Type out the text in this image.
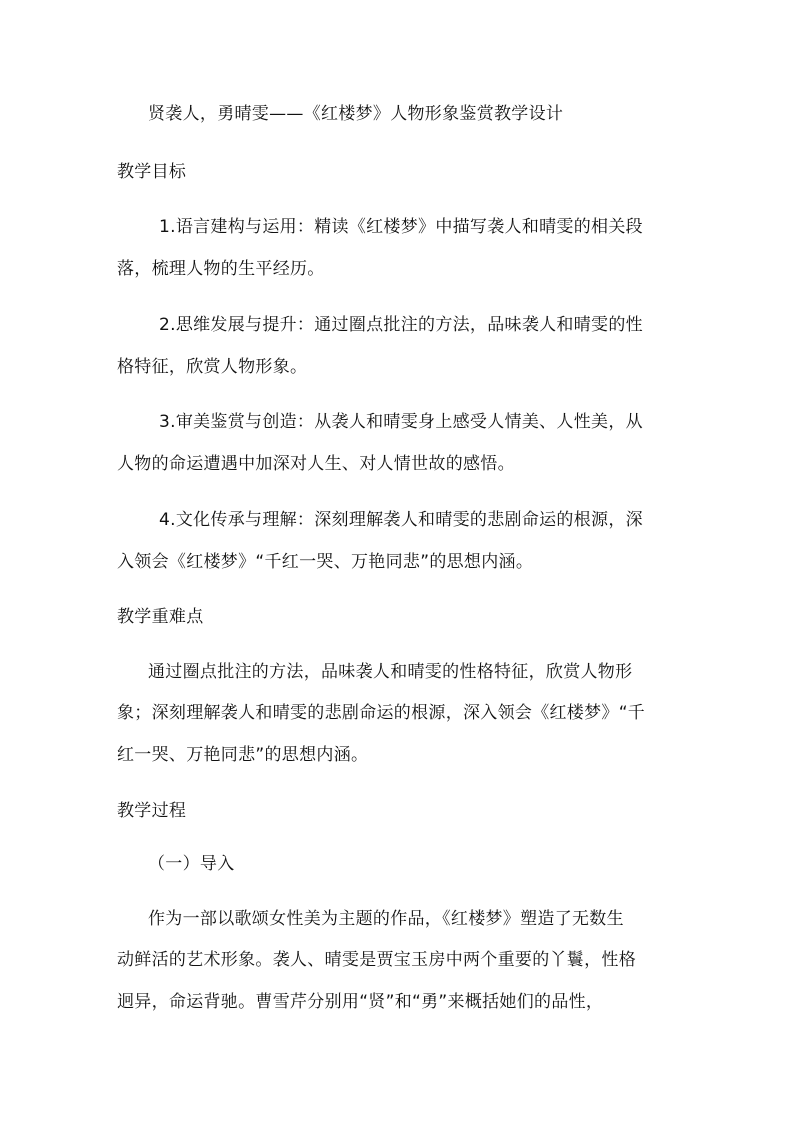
贤袭人，勇晴雯——《红楼梦》人物形象鉴赏教学设计
教学目标
1.语言建构与运用：精读《红楼梦》中描写袭人和晴雯的相关段
落，梳理人物的生平经历。
2.思维发展与提升：通过圈点批注的方法，品味袭人和晴雯的性
格特征，欣赏人物形象。
3.审美鉴赏与创造：从袭人和晴雯身上感受人情美、人性美，从
人物的命运遭遇中加深对人生、对人情世故的感悟。
4.文化传承与理解：深刻理解袭人和晴雯的悲剧命运的根源，深
入领会《红楼梦》“千红一哭、万艳同悲”的思想内涵。
教学重难点
通过圈点批注的方法，品味袭人和晴雯的性格特征，欣赏人物形
象；深刻理解袭人和晴雯的悲剧命运的根源，深入领会《红楼梦》“千
红一哭、万艳同悲”的思想内涵。
教学过程
（一）导入
作为一部以歌颂女性美为主题的作品，《红楼梦》塑造了无数生
动鲜活的艺术形象。袭人、晴雯是贾宝玉房中两个重要的丫鬟，性格
迥异，命运背驰。曹雪芹分别用“贤”和“勇”来概括她们的品性，
